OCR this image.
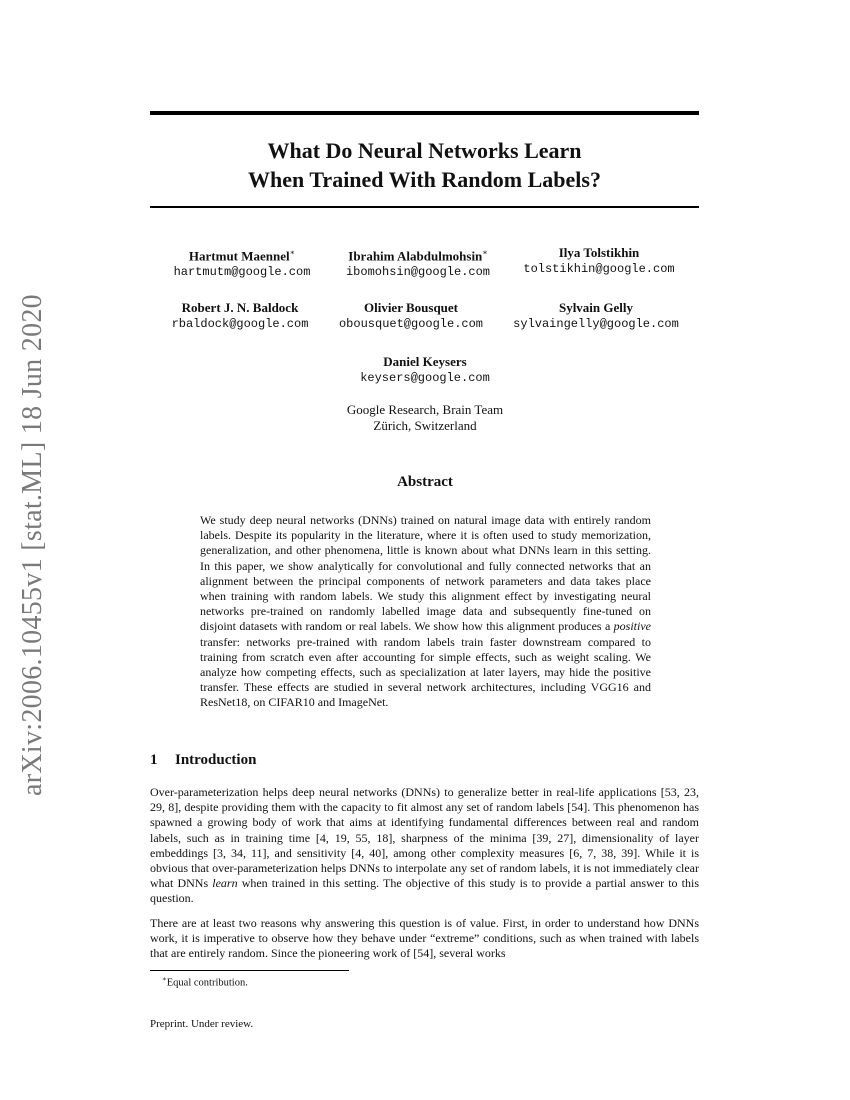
arXiv:2006.10455v1 [stat.ML] 18 Jun 2020
What Do Neural Networks Learn
When Trained With Random Labels?
Hartmut Maennel∗
hartmutm@google.com
Ibrahim Alabdulmohsin∗
ibomohsin@google.com
Ilya Tolstikhin
tolstikhin@google.com
Robert J. N. Baldock
rbaldock@google.com
Olivier Bousquet
obousquet@google.com
Sylvain Gelly
sylvaingelly@google.com
Daniel Keysers
keysers@google.com
Google Research, Brain Team
Zürich, Switzerland
Abstract

We study deep neural networks (DNNs) trained on natural image data with entirely random labels. Despite its popularity in the literature, where it is often used to study memorization, generalization, and other phenomena, little is known about what DNNs learn in this setting. In this paper, we show analytically for convolutional and fully connected networks that an alignment between the principal components of network parameters and data takes place when training with random labels. We study this alignment effect by investigating neural networks pre-trained on randomly labelled image data and subsequently fine-tuned on disjoint datasets with random or real labels. We show how this alignment produces a positive transfer: networks pre-trained with random labels train faster downstream compared to training from scratch even after accounting for simple effects, such as weight scaling. We analyze how competing effects, such as specialization at later layers, may hide the positive transfer. These effects are studied in several network architectures, including VGG16 and ResNet18, on CIFAR10 and ImageNet.

1 Introduction

Over-parameterization helps deep neural networks (DNNs) to generalize better in real-life applications [53, 23, 29, 8], despite providing them with the capacity to fit almost any set of random labels [54]. This phenomenon has spawned a growing body of work that aims at identifying fundamental differences between real and random labels, such as in training time [4, 19, 55, 18], sharpness of the minima [39, 27], dimensionality of layer embeddings [3, 34, 11], and sensitivity [4, 40], among other complexity measures [6, 7, 38, 39]. While it is obvious that over-parameterization helps DNNs to interpolate any set of random labels, it is not immediately clear what DNNs learn when trained in this setting. The objective of this study is to provide a partial answer to this question.

There are at least two reasons why answering this question is of value. First, in order to understand how DNNs work, it is imperative to observe how they behave under “extreme” conditions, such as when trained with labels that are entirely random. Since the pioneering work of [54], several works

∗Equal contribution.

Preprint. Under review.
